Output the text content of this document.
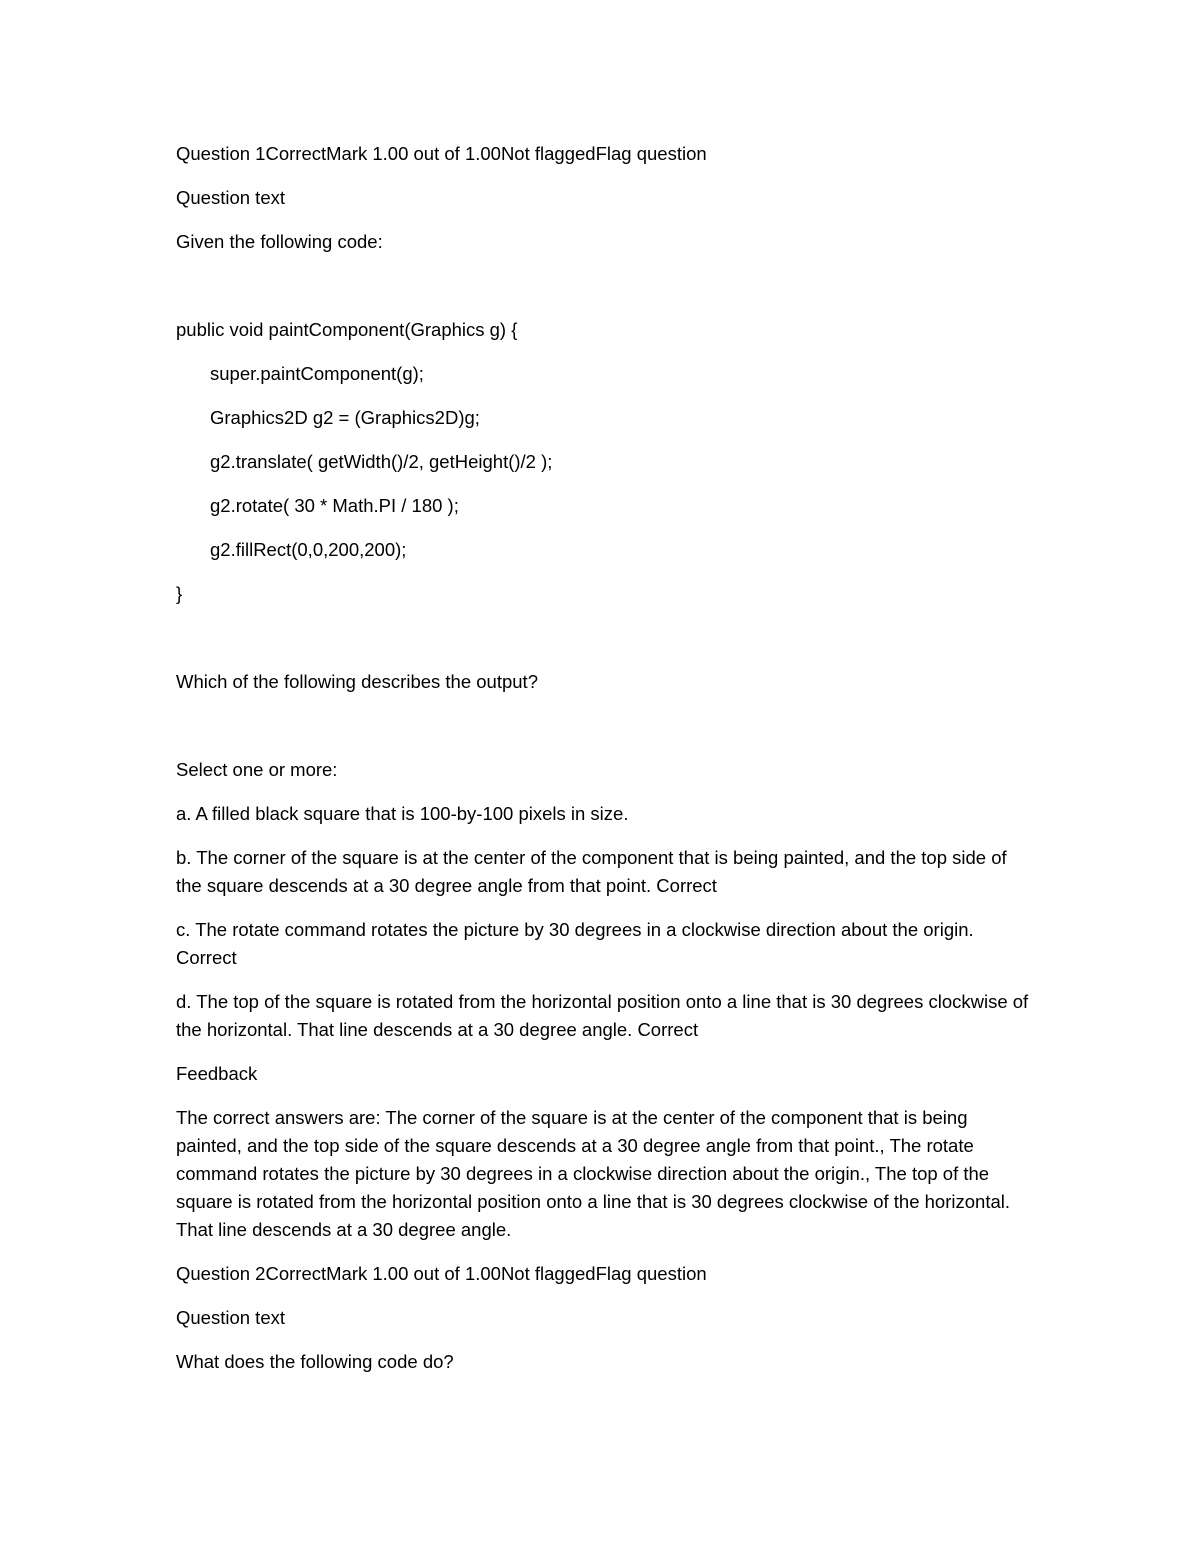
Question 1CorrectMark 1.00 out of 1.00Not flaggedFlag question

Question text

Given the following code:

public void paintComponent(Graphics g) {

super.paintComponent(g);

Graphics2D g2 = (Graphics2D)g;

g2.translate( getWidth()/2, getHeight()/2 );

g2.rotate( 30 * Math.PI / 180 );

g2.fillRect(0,0,200,200);

}

Which of the following describes the output?

Select one or more:

a. A filled black square that is 100-by-100 pixels in size.

b. The corner of the square is at the center of the component that is being painted, and the top side of the square descends at a 30 degree angle from that point. Correct

c. The rotate command rotates the picture by 30 degrees in a clockwise direction about the origin. Correct

d. The top of the square is rotated from the horizontal position onto a line that is 30 degrees clockwise of the horizontal. That line descends at a 30 degree angle. Correct

Feedback

The correct answers are: The corner of the square is at the center of the component that is being painted, and the top side of the square descends at a 30 degree angle from that point., The rotate command rotates the picture by 30 degrees in a clockwise direction about the origin., The top of the square is rotated from the horizontal position onto a line that is 30 degrees clockwise of the horizontal. That line descends at a 30 degree angle.

Question 2CorrectMark 1.00 out of 1.00Not flaggedFlag question

Question text

What does the following code do?
